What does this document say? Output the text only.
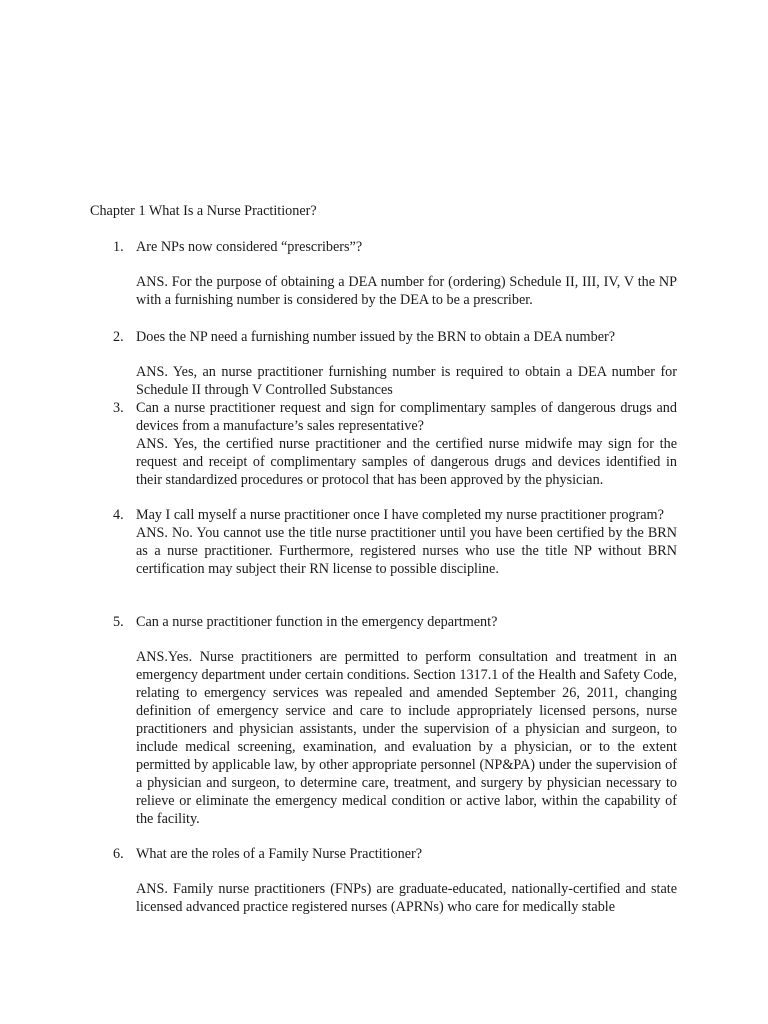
Chapter 1 What Is a Nurse Practitioner?
1. Are NPs now considered “prescribers”?
ANS. For the purpose of obtaining a DEA number for (ordering) Schedule II, III, IV, V the NP with a furnishing number is considered by the DEA to be a prescriber.
2. Does the NP need a furnishing number issued by the BRN to obtain a DEA number?
ANS. Yes, an nurse practitioner furnishing number is required to obtain a DEA number for Schedule II through V Controlled Substances
3. Can a nurse practitioner request and sign for complimentary samples of dangerous drugs and devices from a manufacture’s sales representative?
ANS. Yes, the certified nurse practitioner and the certified nurse midwife may sign for the request and receipt of complimentary samples of dangerous drugs and devices identified in their standardized procedures or protocol that has been approved by the physician.
4. May I call myself a nurse practitioner once I have completed my nurse practitioner program?
ANS. No. You cannot use the title nurse practitioner until you have been certified by the BRN as a nurse practitioner. Furthermore, registered nurses who use the title NP without BRN certification may subject their RN license to possible discipline.
5. Can a nurse practitioner function in the emergency department?
ANS.Yes. Nurse practitioners are permitted to perform consultation and treatment in an emergency department under certain conditions. Section 1317.1 of the Health and Safety Code, relating to emergency services was repealed and amended September 26, 2011, changing definition of emergency service and care to include appropriately licensed persons, nurse practitioners and physician assistants, under the supervision of a physician and surgeon, to include medical screening, examination, and evaluation by a physician, or to the extent permitted by applicable law, by other appropriate personnel (NP&PA) under the supervision of a physician and surgeon, to determine care, treatment, and surgery by physician necessary to relieve or eliminate the emergency medical condition or active labor, within the capability of the facility.
6. What are the roles of a Family Nurse Practitioner?
ANS. Family nurse practitioners (FNPs) are graduate-educated, nationally-certified and state licensed advanced practice registered nurses (APRNs) who care for medically stable
